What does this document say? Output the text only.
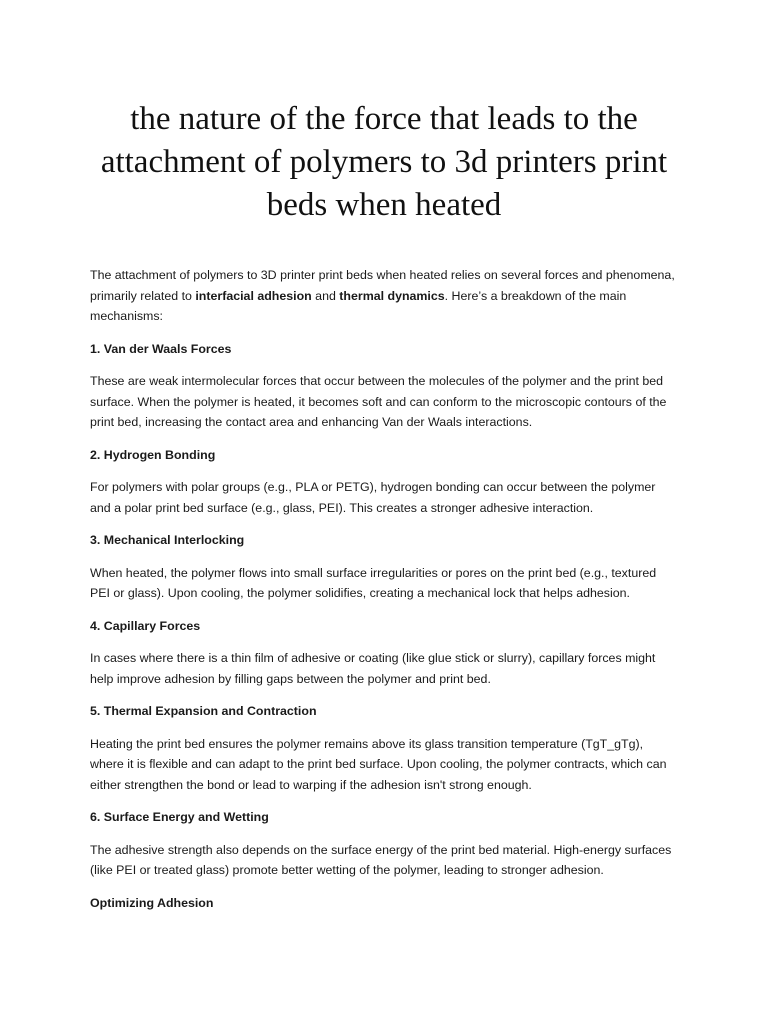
the nature of the force that leads to the attachment of polymers to 3d printers print beds when heated

The attachment of polymers to 3D printer print beds when heated relies on several forces and phenomena, primarily related to interfacial adhesion and thermal dynamics. Here’s a breakdown of the main mechanisms:

1. Van der Waals Forces

These are weak intermolecular forces that occur between the molecules of the polymer and the print bed surface. When the polymer is heated, it becomes soft and can conform to the microscopic contours of the print bed, increasing the contact area and enhancing Van der Waals interactions.

2. Hydrogen Bonding

For polymers with polar groups (e.g., PLA or PETG), hydrogen bonding can occur between the polymer and a polar print bed surface (e.g., glass, PEI). This creates a stronger adhesive interaction.

3. Mechanical Interlocking

When heated, the polymer flows into small surface irregularities or pores on the print bed (e.g., textured PEI or glass). Upon cooling, the polymer solidifies, creating a mechanical lock that helps adhesion.

4. Capillary Forces

In cases where there is a thin film of adhesive or coating (like glue stick or slurry), capillary forces might help improve adhesion by filling gaps between the polymer and print bed.

5. Thermal Expansion and Contraction

Heating the print bed ensures the polymer remains above its glass transition temperature (TgT_gTg), where it is flexible and can adapt to the print bed surface. Upon cooling, the polymer contracts, which can either strengthen the bond or lead to warping if the adhesion isn't strong enough.

6. Surface Energy and Wetting

The adhesive strength also depends on the surface energy of the print bed material. High-energy surfaces (like PEI or treated glass) promote better wetting of the polymer, leading to stronger adhesion.

Optimizing Adhesion
